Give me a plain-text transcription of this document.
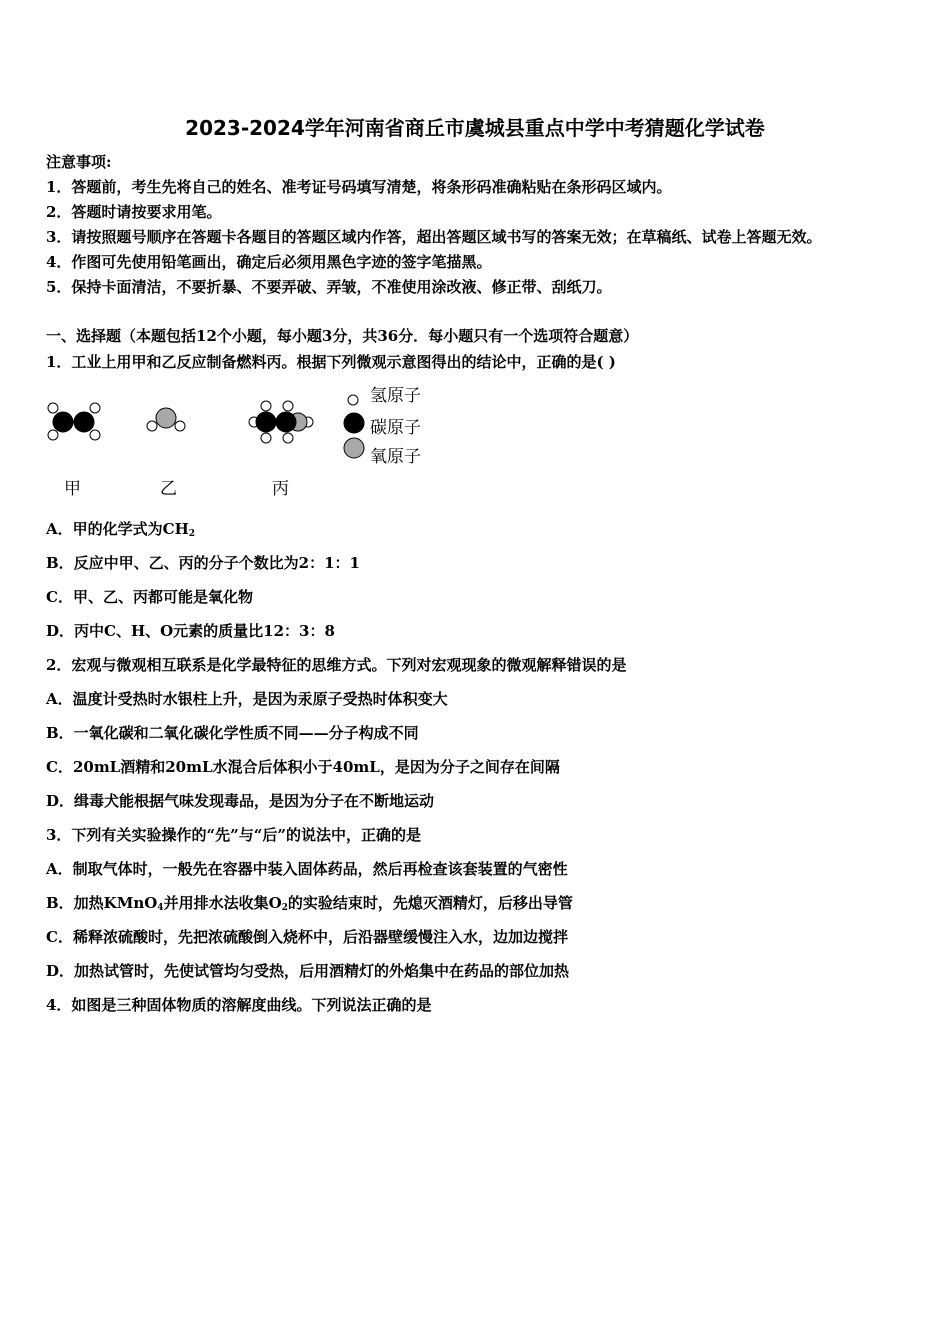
2023-2024学年河南省商丘市虞城县重点中学中考猜题化学试卷
注意事项:
1．答题前，考生先将自己的姓名、准考证号码填写清楚，将条形码准确粘贴在条形码区域内。
2．答题时请按要求用笔。
3．请按照题号顺序在答题卡各题目的答题区域内作答，超出答题区域书写的答案无效；在草稿纸、试卷上答题无效。
4．作图可先使用铅笔画出，确定后必须用黑色字迹的签字笔描黑。
5．保持卡面清洁，不要折暴、不要弄破、弄皱，不准使用涂改液、修正带、刮纸刀。
一、选择题（本题包括12个小题，每小题3分，共36分．每小题只有一个选项符合题意）
1．工业上用甲和乙反应制备燃料丙。根据下列微观示意图得出的结论中，正确的是( )
氢原子
碳原子
氧原子
甲	乙	丙
A．甲的化学式为$CH_2$
B．反应中甲、乙、丙的分子个数比为2：1：1
C．甲、乙、丙都可能是氧化物
D．丙中C、H、O元素的质量比12：3：8
2．宏观与微观相互联系是化学最特征的思维方式。下列对宏观现象的微观解释错误的是
A．温度计受热时水银柱上升，是因为汞原子受热时体积变大
B．一氧化碳和二氧化碳化学性质不同——分子构成不同
C．20mL酒精和20mL水混合后体积小于40mL，是因为分子之间存在间隔
D．缉毒犬能根据气味发现毒品，是因为分子在不断地运动
3．下列有关实验操作的“先”与“后”的说法中，正确的是
A．制取气体时，一般先在容器中装入固体药品，然后再检查该套装置的气密性
B．加热KMnO$_4$并用排水法收集$O_2$的实验结束时，先熄灭酒精灯，后移出导管
C．稀释浓硫酸时，先把浓硫酸倒入烧杯中，后沿器壁缓慢注入水，边加边搅拌
D．加热试管时，先使试管均匀受热，后用酒精灯的外焰集中在药品的部位加热
4．如图是三种固体物质的溶解度曲线。下列说法正确的是
